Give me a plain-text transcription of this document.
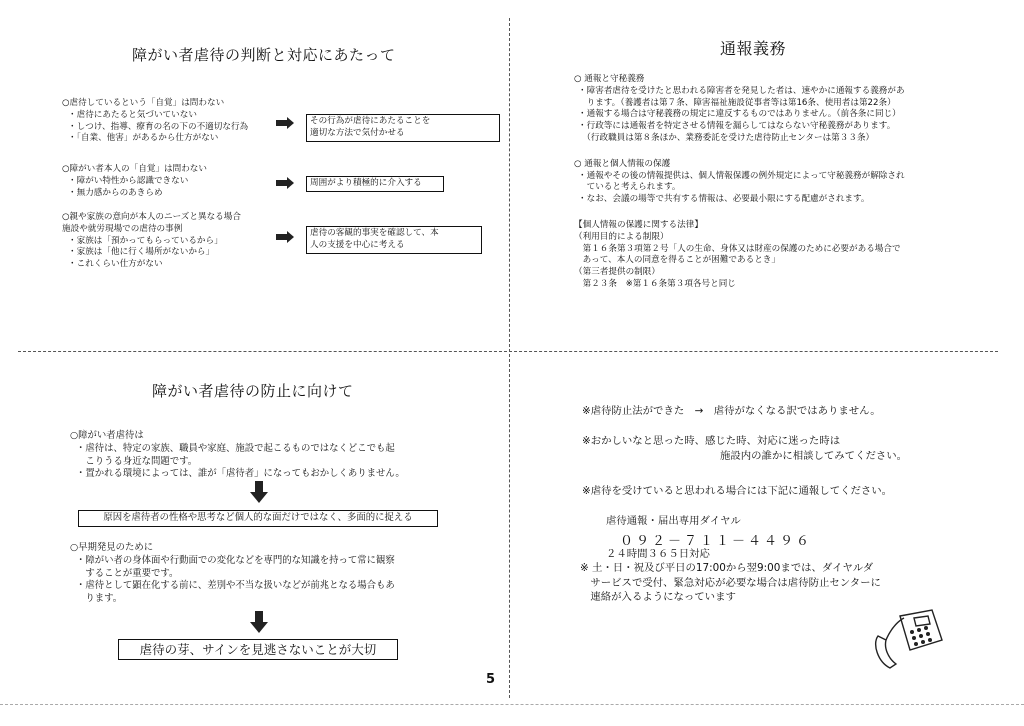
障がい者虐待の判断と対応にあたって
○虐待しているという「自覚」は問わない
・虐待にあたると気づいていない
・しつけ、指導、療育の名の下の不適切な行為
・「自業、他害」があるから仕方がない
その行為が虐待にあたることを
適切な方法で気付かせる
○障がい者本人の「自覚」は問わない
・障がい特性から認識できない
・無力感からのあきらめ
周囲がより積極的に介入する
○親や家族の意向が本人のニーズと異なる場合
施設や就労現場での虐待の事例
・家族は「預かってもらっているから」
・家族は「他に行く場所がないから」
・これくらい仕方がない
虐待の客観的事実を確認して、本
人の支援を中心に考える
通報義務
○ 通報と守秘義務
・障害者虐待を受けたと思われる障害者を発見した者は、速やかに通報する義務があ
　ります。（養護者は第７条、障害福祉施設従事者等は第16条、使用者は第22条）
・通報する場合は守秘義務の規定に違反するものではありません。（前各条に同じ）
・行政等には通報者を特定させる情報を漏らしてはならない守秘義務があります。
　（行政職員は第８条ほか、業務委託を受けた虐待防止センターは第３３条）
○ 通報と個人情報の保護
・通報やその後の情報提供は、個人情報保護の例外規定によって守秘義務が解除され
　ていると考えられます。
・なお、会議の場等で共有する情報は、必要最小限にする配慮がされます。
【個人情報の保護に関する法律】
（利用目的による制限）
　第１６条第３項第２号「人の生命、身体又は財産の保護のために必要がある場合で
　あって、本人の同意を得ることが困難であるとき」
（第三者提供の制限）
　第２３条　※第１６条第３項各号と同じ
障がい者虐待の防止に向けて
○障がい者虐待は
・虐待は、特定の家族、職員や家庭、施設で起こるものではなくどこでも起
　こりうる身近な問題です。
・置かれる環境によっては、誰が「虐待者」になってもおかしくありません。
原因を虐待者の性格や思考など個人的な面だけではなく、多面的に捉える
○早期発見のために
・障がい者の身体面や行動面での変化などを専門的な知識を持って常に観察
　することが重要です。
・虐待として顕在化する前に、差別や不当な扱いなどが前兆となる場合もあ
　ります。
虐待の芽、サインを見逃さないことが大切
※虐待防止法ができた　→　虐待がなくなる訳ではありません。
※おかしいなと思った時、感じた時、対応に迷った時は
施設内の誰かに相談してみてください。
※虐待を受けていると思われる場合には下記に通報してください。
虐待通報・届出専用ダイヤル
０９２－７１１－４４９６
２４時間３６５日対応
※ 土・日・祝及び平日の17:00から翌9:00までは、ダイヤルダ
　サービスで受付、緊急対応が必要な場合は虐待防止センターに
　連絡が入るようになっています
5
